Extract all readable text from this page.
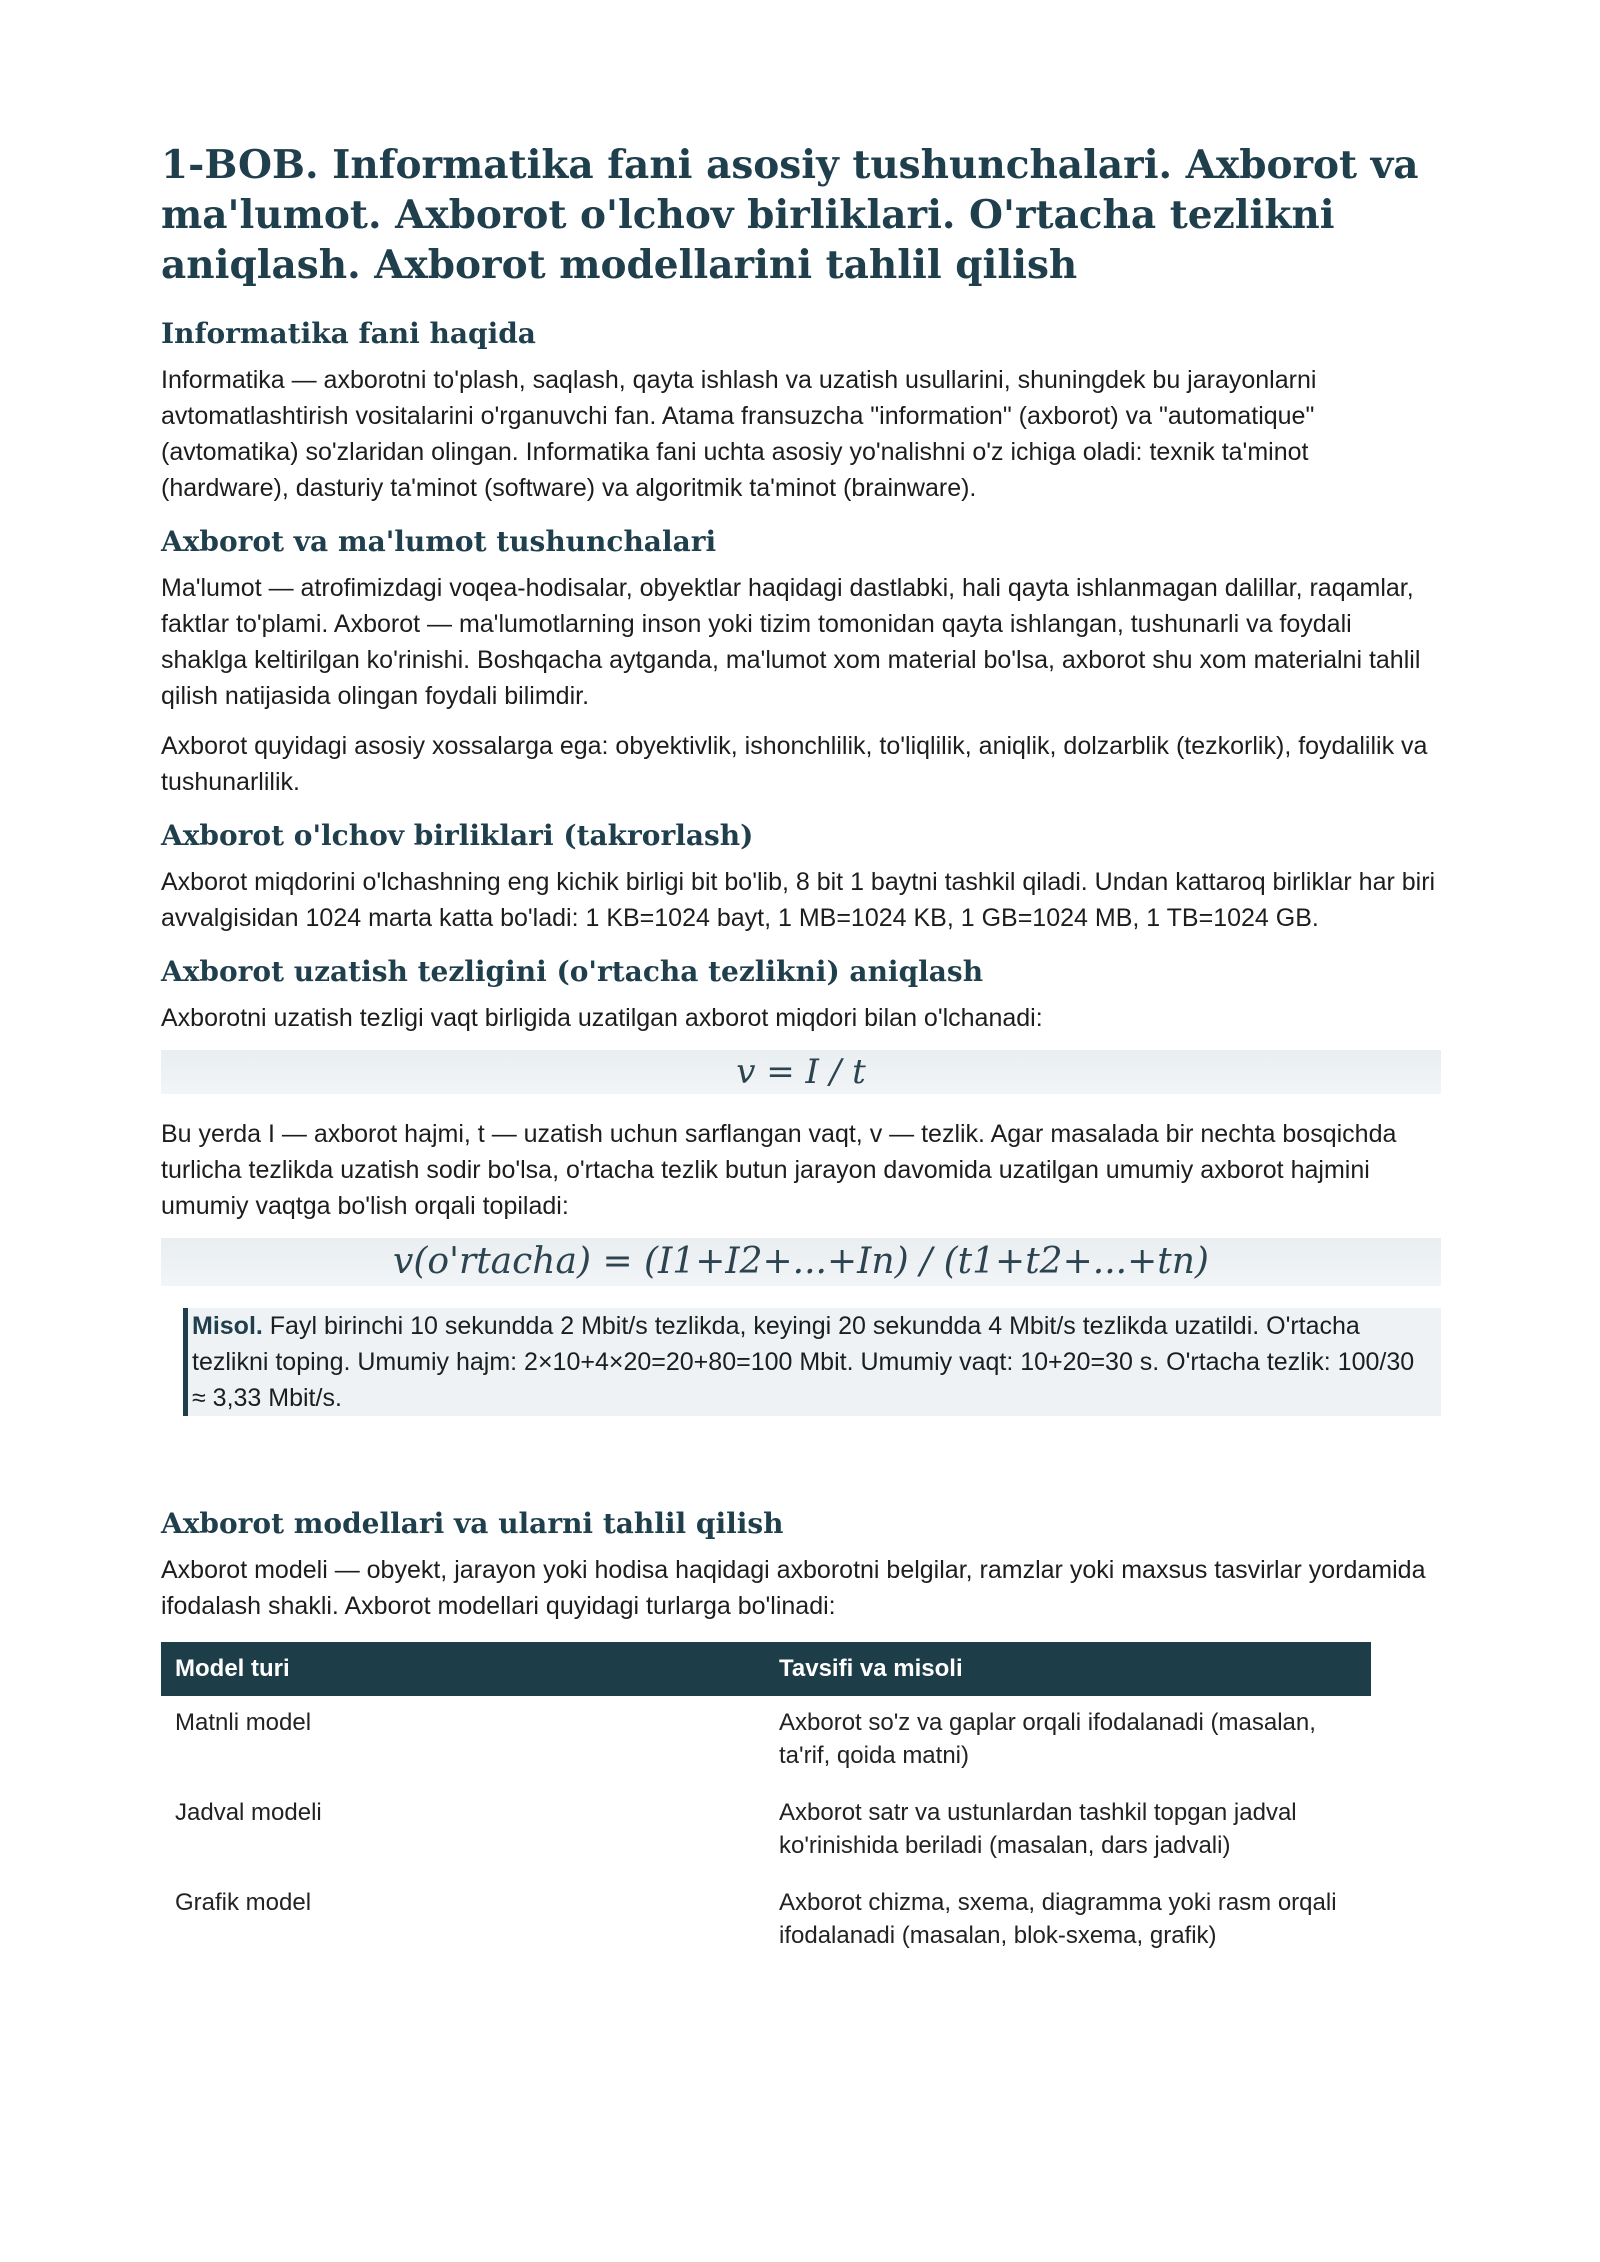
1-BOB. Informatika fani asosiy tushunchalari. Axborot va ma'lumot. Axborot o'lchov birliklari. O'rtacha tezlikni aniqlash. Axborot modellarini tahlil qilish
Informatika fani haqida

Informatika — axborotni to'plash, saqlash, qayta ishlash va uzatish usullarini, shuningdek bu jarayonlarni avtomatlashtirish vositalarini o'rganuvchi fan. Atama fransuzcha "information" (axborot) va "automatique" (avtomatika) so'zlaridan olingan. Informatika fani uchta asosiy yo'nalishni o'z ichiga oladi: texnik ta'minot (hardware), dasturiy ta'minot (software) va algoritmik ta'minot (brainware).

Axborot va ma'lumot tushunchalari

Ma'lumot — atrofimizdagi voqea-hodisalar, obyektlar haqidagi dastlabki, hali qayta ishlanmagan dalillar, raqamlar, faktlar to'plami. Axborot — ma'lumotlarning inson yoki tizim tomonidan qayta ishlangan, tushunarli va foydali shaklga keltirilgan ko'rinishi. Boshqacha aytganda, ma'lumot xom material bo'lsa, axborot shu xom materialni tahlil qilish natijasida olingan foydali bilimdir.

Axborot quyidagi asosiy xossalarga ega: obyektivlik, ishonchlilik, to'liqlilik, aniqlik, dolzarblik (tezkorlik), foydalilik va tushunarlilik.

Axborot o'lchov birliklari (takrorlash)

Axborot miqdorini o'lchashning eng kichik birligi bit bo'lib, 8 bit 1 baytni tashkil qiladi. Undan kattaroq birliklar har biri avvalgisidan 1024 marta katta bo'ladi: 1 KB=1024 bayt, 1 MB=1024 KB, 1 GB=1024 MB, 1 TB=1024 GB.

Axborot uzatish tezligini (o'rtacha tezlikni) aniqlash

Axborotni uzatish tezligi vaqt birligida uzatilgan axborot miqdori bilan o'lchanadi:

v = I / t

Bu yerda I — axborot hajmi, t — uzatish uchun sarflangan vaqt, v — tezlik. Agar masalada bir nechta bosqichda turlicha tezlikda uzatish sodir bo'lsa, o'rtacha tezlik butun jarayon davomida uzatilgan umumiy axborot hajmini umumiy vaqtga bo'lish orqali topiladi:

v(o'rtacha) = (I1+I2+...+In) / (t1+t2+...+tn)
Misol. Fayl birinchi 10 sekundda 2 Mbit/s tezlikda, keyingi 20 sekundda 4 Mbit/s tezlikda uzatildi. O'rtacha tezlikni toping. Umumiy hajm: 2×10+4×20=20+80=100 Mbit. Umumiy vaqt: 10+20=30 s. O'rtacha tezlik: 100/30 ≈ 3,33 Mbit/s.
Axborot modellari va ularni tahlil qilish

Axborot modeli — obyekt, jarayon yoki hodisa haqidagi axborotni belgilar, ramzlar yoki maxsus tasvirlar yordamida ifodalash shakli. Axborot modellari quyidagi turlarga bo'linadi:

Model turi	Tavsifi va misoli
Matnli model	Axborot so'z va gaplar orqali ifodalanadi (masalan, ta'rif, qoida matni)
Jadval modeli	Axborot satr va ustunlardan tashkil topgan jadval ko'rinishida beriladi (masalan, dars jadvali)
Grafik model	Axborot chizma, sxema, diagramma yoki rasm orqali ifodalanadi (masalan, blok-sxema, grafik)
